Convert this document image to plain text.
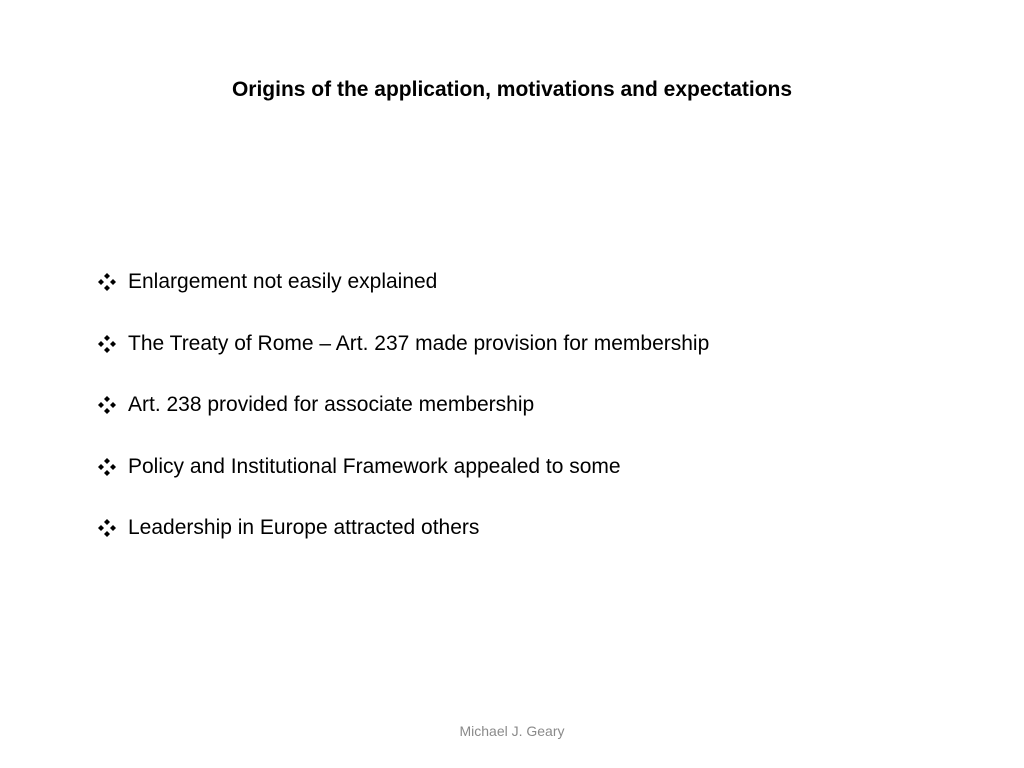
Origins of the application, motivations and expectations
Enlargement not easily explained
The Treaty of Rome – Art. 237 made provision for membership
Art. 238 provided for associate membership
Policy and Institutional Framework appealed to some
Leadership in Europe attracted others
Michael J. Geary
